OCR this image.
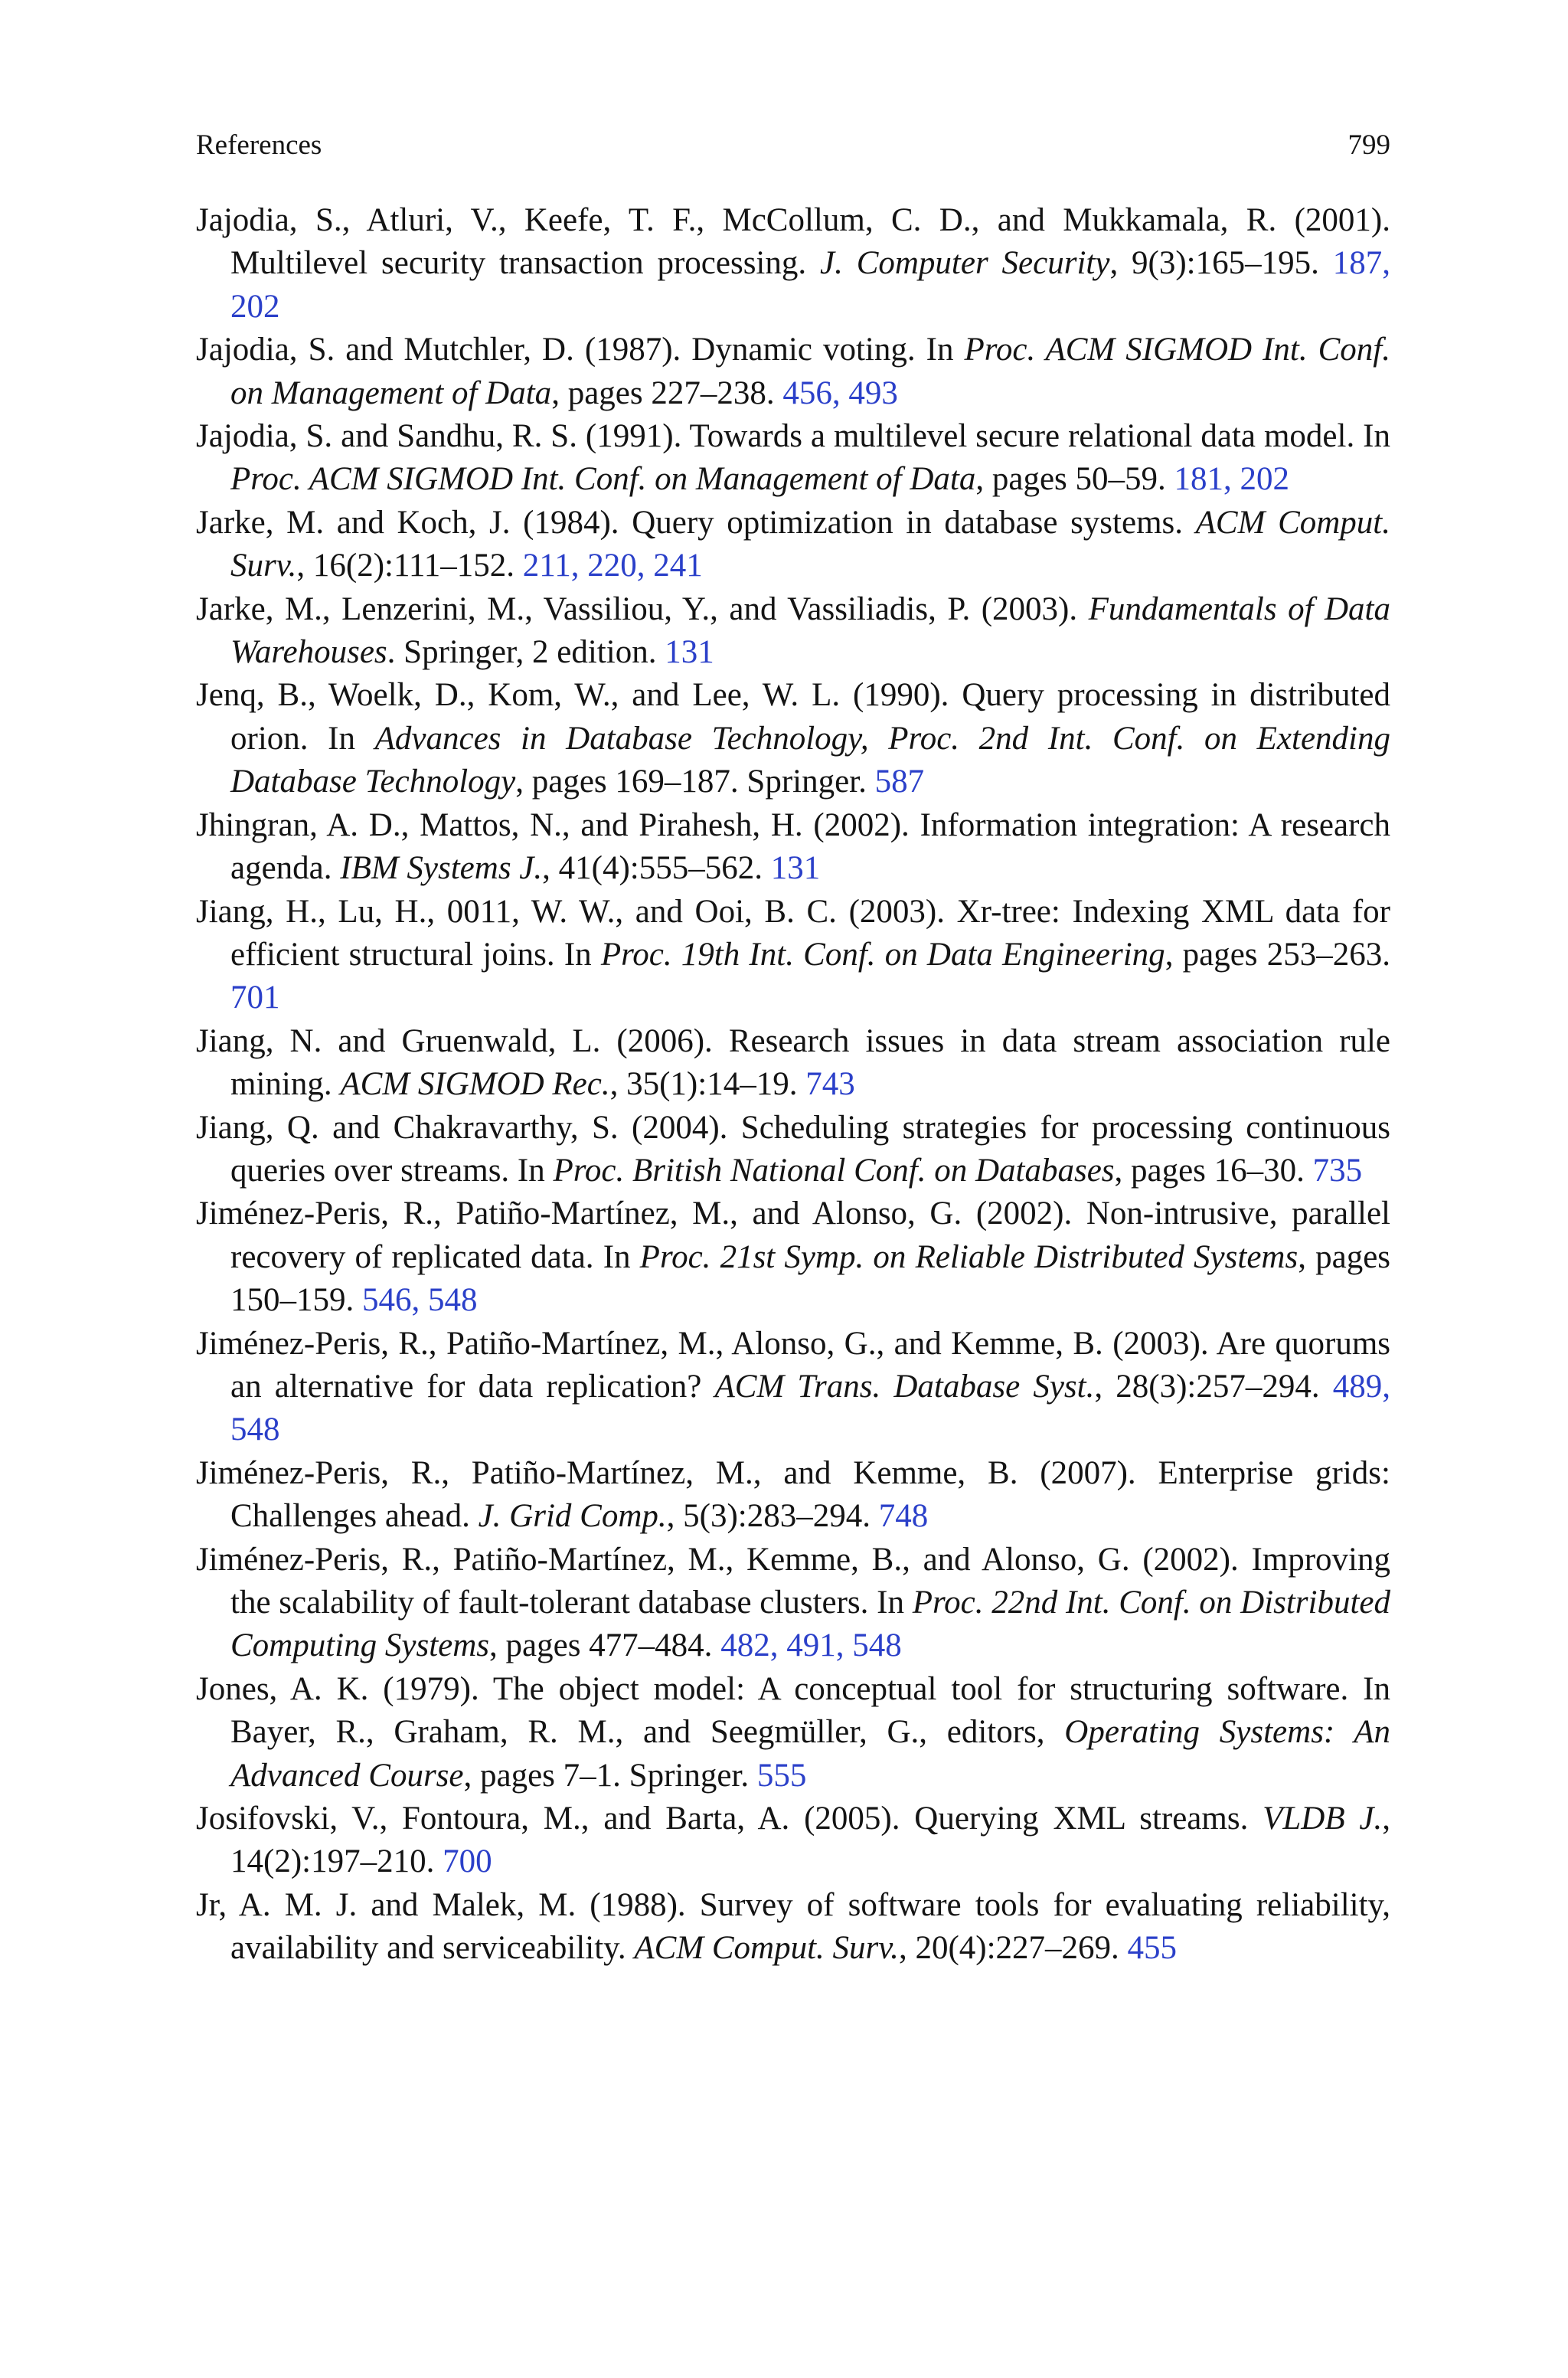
References	799
Jajodia, S., Atluri, V., Keefe, T. F., McCollum, C. D., and Mukkamala, R. (2001). Multilevel security transaction processing. J. Computer Security, 9(3):165–195. 187, 202
Jajodia, S. and Mutchler, D. (1987). Dynamic voting. In Proc. ACM SIGMOD Int. Conf. on Management of Data, pages 227–238. 456, 493
Jajodia, S. and Sandhu, R. S. (1991). Towards a multilevel secure relational data model. In Proc. ACM SIGMOD Int. Conf. on Management of Data, pages 50–59. 181, 202
Jarke, M. and Koch, J. (1984). Query optimization in database systems. ACM Comput. Surv., 16(2):111–152. 211, 220, 241
Jarke, M., Lenzerini, M., Vassiliou, Y., and Vassiliadis, P. (2003). Fundamentals of Data Warehouses. Springer, 2 edition. 131
Jenq, B., Woelk, D., Kom, W., and Lee, W. L. (1990). Query processing in distributed orion. In Advances in Database Technology, Proc. 2nd Int. Conf. on Extending Database Technology, pages 169–187. Springer. 587
Jhingran, A. D., Mattos, N., and Pirahesh, H. (2002). Information integration: A research agenda. IBM Systems J., 41(4):555–562. 131
Jiang, H., Lu, H., 0011, W. W., and Ooi, B. C. (2003). Xr-tree: Indexing XML data for efficient structural joins. In Proc. 19th Int. Conf. on Data Engineering, pages 253–263. 701
Jiang, N. and Gruenwald, L. (2006). Research issues in data stream association rule mining. ACM SIGMOD Rec., 35(1):14–19. 743
Jiang, Q. and Chakravarthy, S. (2004). Scheduling strategies for processing continuous queries over streams. In Proc. British National Conf. on Databases, pages 16–30. 735
Jiménez-Peris, R., Patiño-Martínez, M., and Alonso, G. (2002). Non-intrusive, parallel recovery of replicated data. In Proc. 21st Symp. on Reliable Distributed Systems, pages 150–159. 546, 548
Jiménez-Peris, R., Patiño-Martínez, M., Alonso, G., and Kemme, B. (2003). Are quorums an alternative for data replication? ACM Trans. Database Syst., 28(3):257–294. 489, 548
Jiménez-Peris, R., Patiño-Martínez, M., and Kemme, B. (2007). Enterprise grids: Challenges ahead. J. Grid Comp., 5(3):283–294. 748
Jiménez-Peris, R., Patiño-Martínez, M., Kemme, B., and Alonso, G. (2002). Improving the scalability of fault-tolerant database clusters. In Proc. 22nd Int. Conf. on Distributed Computing Systems, pages 477–484. 482, 491, 548
Jones, A. K. (1979). The object model: A conceptual tool for structuring software. In Bayer, R., Graham, R. M., and Seegmüller, G., editors, Operating Systems: An Advanced Course, pages 7–1. Springer. 555
Josifovski, V., Fontoura, M., and Barta, A. (2005). Querying XML streams. VLDB J., 14(2):197–210. 700
Jr, A. M. J. and Malek, M. (1988). Survey of software tools for evaluating reliability, availability and serviceability. ACM Comput. Surv., 20(4):227–269. 455
